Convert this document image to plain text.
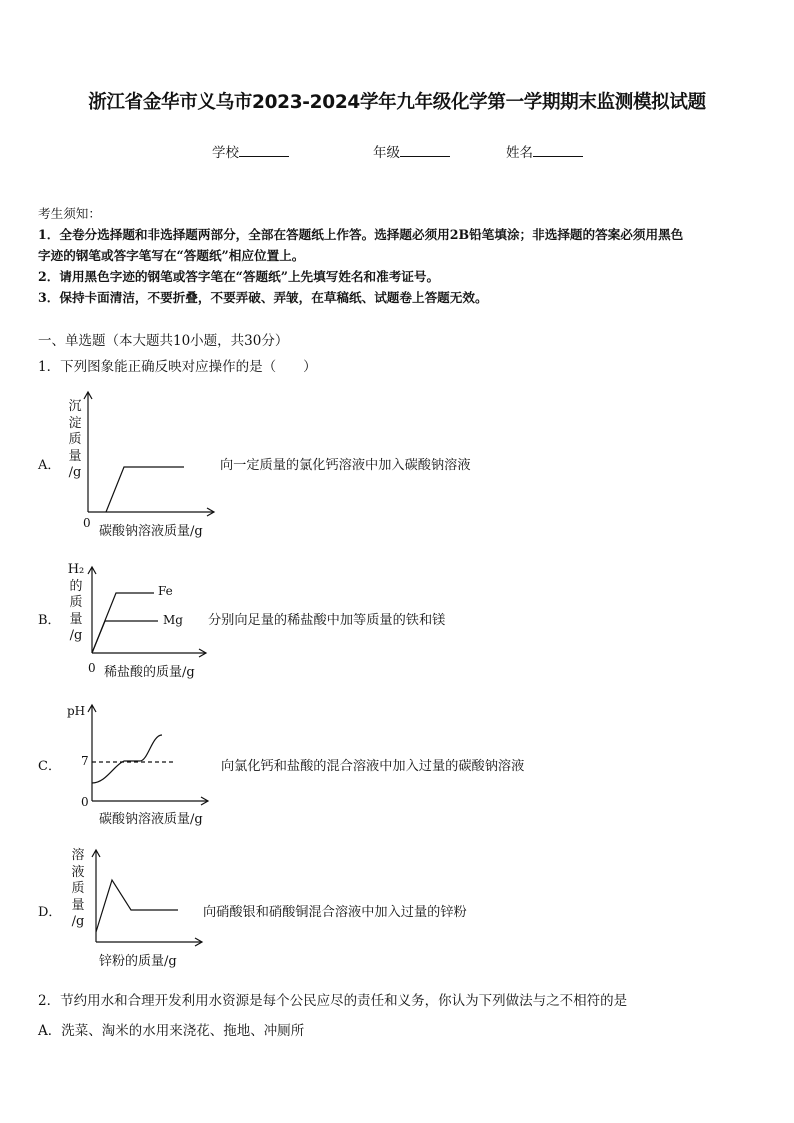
浙江省金华市义乌市2023-2024学年九年级化学第一学期期末监测模拟试题
学校	年级	姓名
考生须知：
1．全卷分选择题和非选择题两部分，全部在答题纸上作答。选择题必须用2B铅笔填涂；非选择题的答案必须用黑色
字迹的钢笔或答字笔写在“答题纸”相应位置上。
2．请用黑色字迹的钢笔或答字笔在“答题纸”上先填写姓名和准考证号。
3．保持卡面清洁，不要折叠，不要弄破、弄皱，在草稿纸、试题卷上答题无效。
一、单选题（本大题共10小题，共30分）
1．下列图象能正确反映对应操作的是（　　）
A．
沉
淀
质
量
/g
0
碳酸钠溶液质量/g
向一定质量的氯化钙溶液中加入碳酸钠溶液
B．
H₂
的
质
量
/g
Fe
Mg
0 稀盐酸的质量/g
分别向足量的稀盐酸中加等质量的铁和镁
C．
pH
7
0
碳酸钠溶液质量/g
向氯化钙和盐酸的混合溶液中加入过量的碳酸钠溶液
D．
溶
液
质
量
/g
锌粉的质量/g
向硝酸银和硝酸铜混合溶液中加入过量的锌粉
2．节约用水和合理开发利用水资源是每个公民应尽的责任和义务，你认为下列做法与之不相符的是
A．洗菜、淘米的水用来浇花、拖地、冲厕所
